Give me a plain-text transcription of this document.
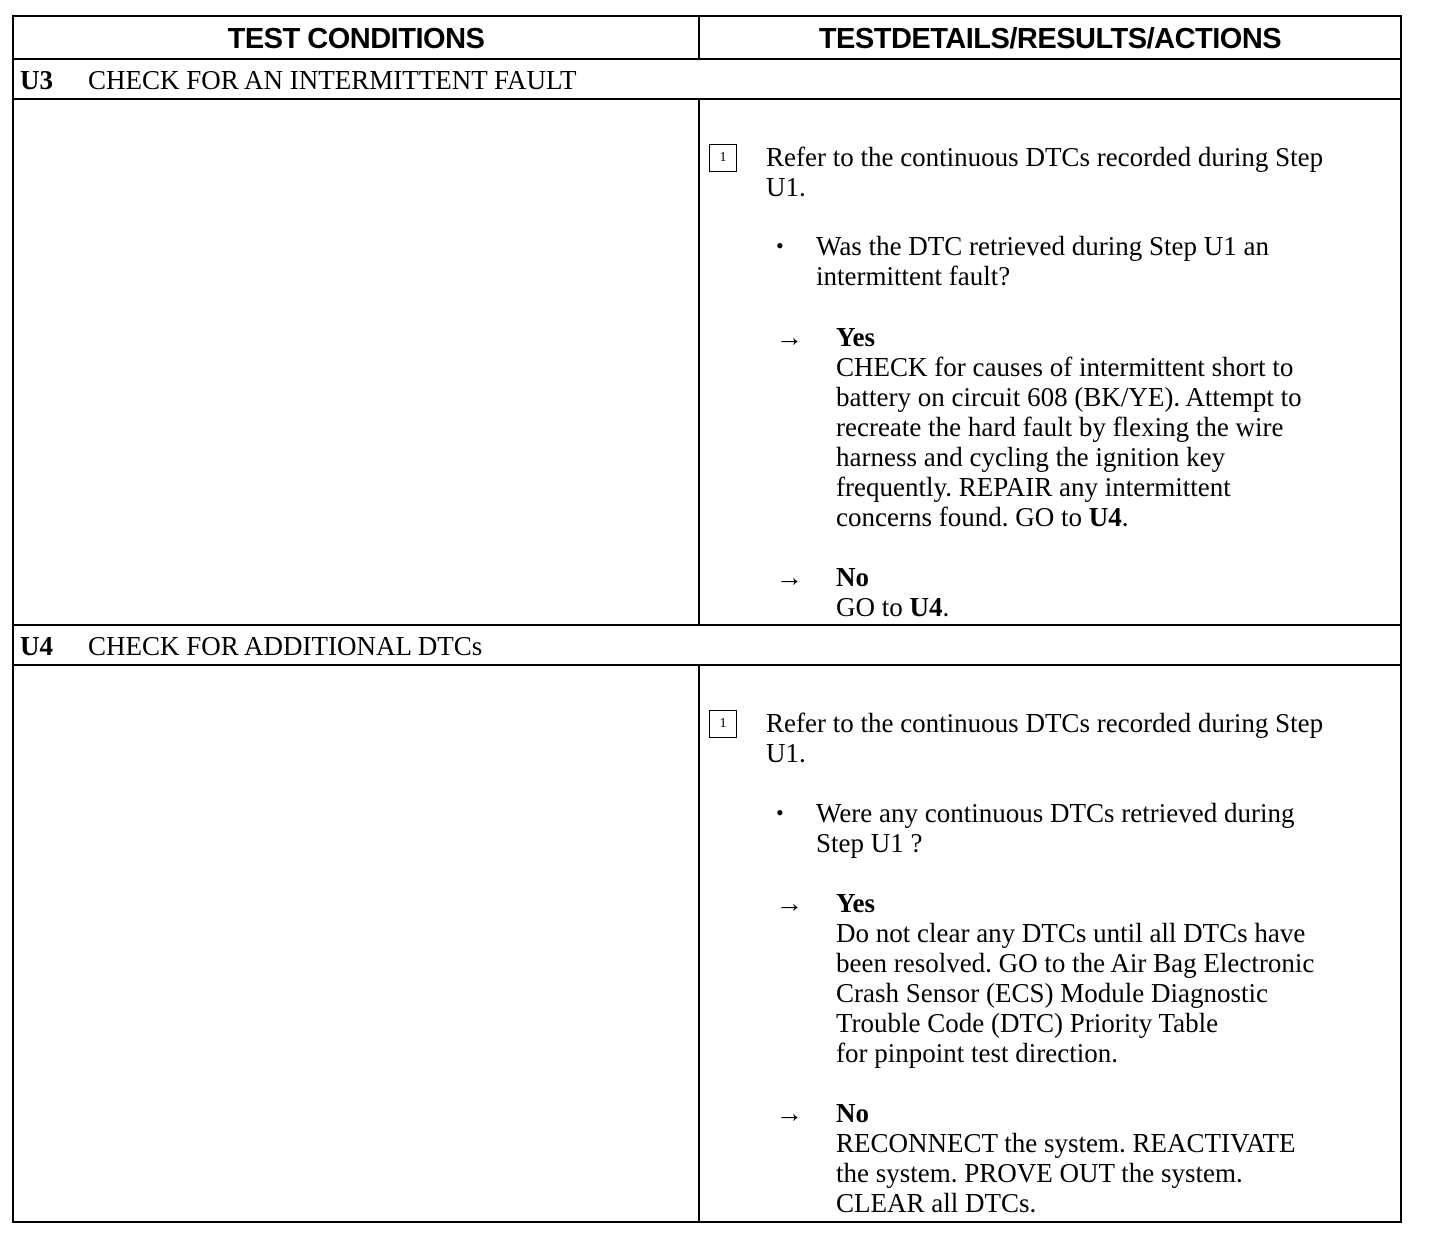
TEST CONDITIONS	TESTDETAILS/RESULTS/ACTIONS
U3 CHECK FOR AN INTERMITTENT FAULT
1	Refer to the continuous DTCs recorded during Step
U1.
• Was the DTC retrieved during Step U1 an
intermittent fault?
→ Yes
CHECK for causes of intermittent short to
battery on circuit 608 (BK/YE). Attempt to
recreate the hard fault by flexing the wire
harness and cycling the ignition key
frequently. REPAIR any intermittent
concerns found. GO to U4.
→ No
GO to U4.
U4 CHECK FOR ADDITIONAL DTCs
1	Refer to the continuous DTCs recorded during Step
U1.
• Were any continuous DTCs retrieved during
Step U1 ?
→ Yes
Do not clear any DTCs until all DTCs have
been resolved. GO to the Air Bag Electronic
Crash Sensor (ECS) Module Diagnostic
Trouble Code (DTC) Priority Table
for pinpoint test direction.
→ No
RECONNECT the system. REACTIVATE
the system. PROVE OUT the system.
CLEAR all DTCs.
